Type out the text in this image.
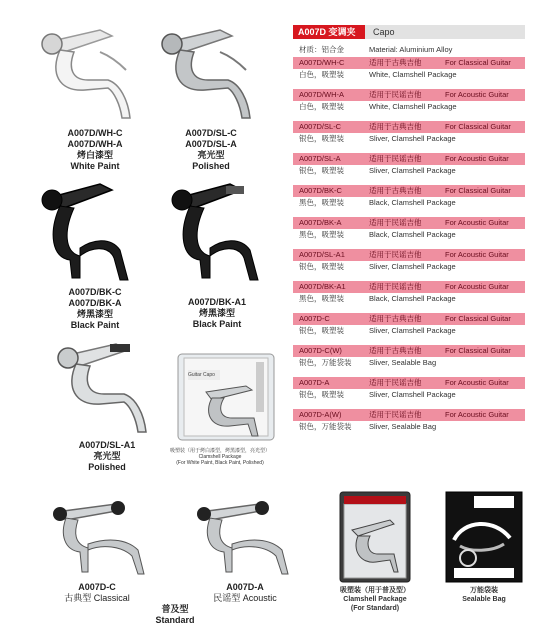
A007D/WH-C
A007D/WH-A
烤白漆型
White Paint
A007D/SL-C
A007D/SL-A
亮光型
Polished
A007D/BK-C
A007D/BK-A
烤黑漆型
Black Paint
A007D/BK-A1
烤黑漆型
Black Paint
A007D/SL-A1
亮光型
Polished
Guitar Capo
吸塑装（用于烤白漆型，烤黑漆型，亮光型）
Clamshell Package
(For White Paint, Black Paint, Polished)
A007D-C
古典型 Classical
A007D-A
民谣型 Acoustic
普及型
Standard
吸塑装（用于普及型）
Clamshell Package
(For Standard)
万能袋装
Sealable Bag
A007D 变调夹	Capo
材质：铝合金	Material: Aluminium Alloy
A007D/WH-C	适用于古典吉他	For Classical Guitar
白色，吸塑装	White, Clamshell Package
A007D/WH-A	适用于民谣吉他	For Acoustic Guitar
白色，吸塑装	White, Clamshell Package
A007D/SL-C	适用于古典吉他	For Classical Guitar
银色，吸塑装	Sliver, Clamshell Package
A007D/SL-A	适用于民谣吉他	For Acoustic Guitar
银色，吸塑装	Sliver, Clamshell Package
A007D/BK-C	适用于古典吉他	For Classical Guitar
黑色，吸塑装	Black, Clamshell Package
A007D/BK-A	适用于民谣吉他	For Acoustic Guitar
黑色，吸塑装	Black, Clamshell Package
A007D/SL-A1	适用于民谣吉他	For Acoustic Guitar
银色，吸塑装	Sliver, Clamshell Package
A007D/BK-A1	适用于民谣吉他	For Acoustic Guitar
黑色，吸塑装	Black, Clamshell Package
A007D-C	适用于古典吉他	For Classical Guitar
银色，吸塑装	Sliver, Clamshell Package
A007D-C(W)	适用于古典吉他	For Classical Guitar
银色，万能袋装 Sliver, Sealable Bag
A007D-A	适用于民谣吉他	For Acoustic Guitar
银色，吸塑装	Sliver, Clamshell Package
A007D-A(W)	适用于民谣吉他	For Acoustic Guitar
银色，万能袋装 Sliver, Sealable Bag
